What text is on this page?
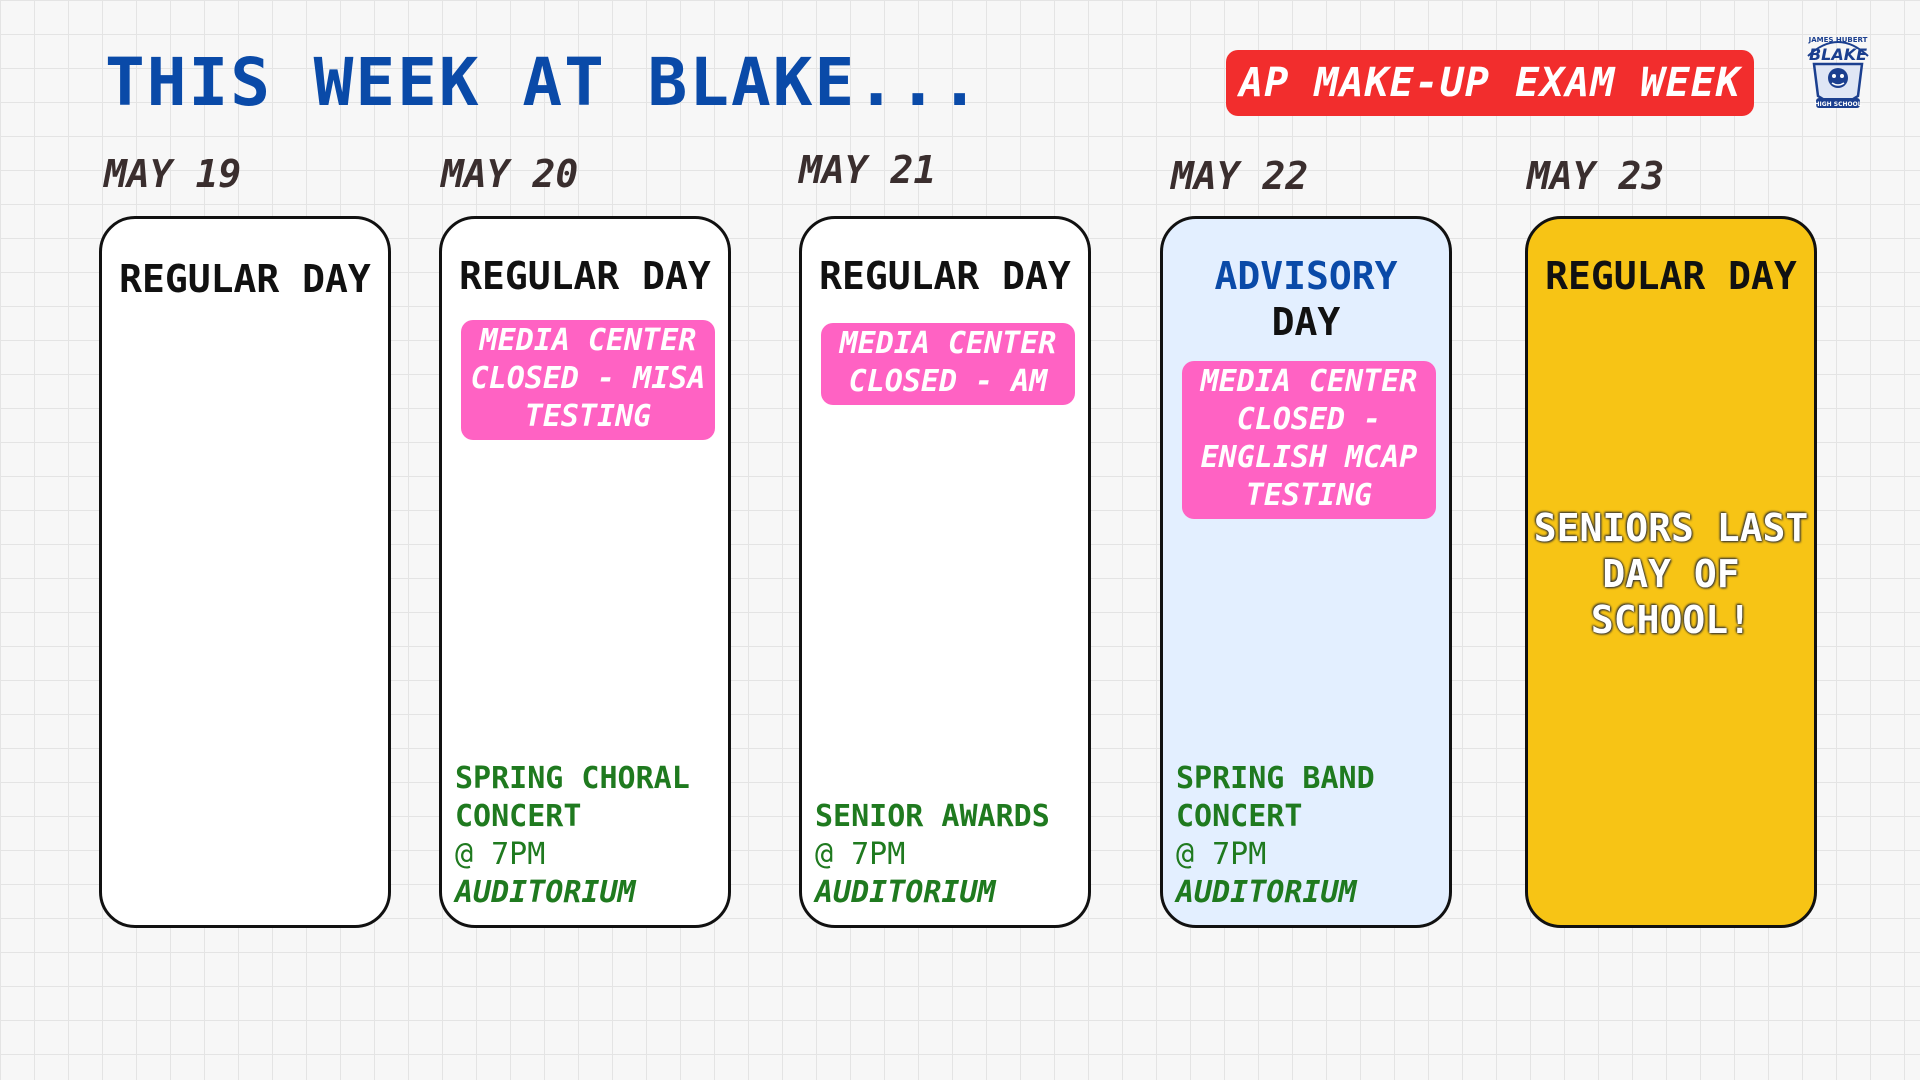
THIS WEEK AT BLAKE...	AP MAKE-UP EXAM WEEK
JAMES HUBERT
BLAKE
HIGH SCHOOL
MAY 19	MAY 20	MAY 21	MAY 22	MAY 23
REGULAR DAY	REGULAR DAY
MEDIA CENTER CLOSED - MISA TESTING
SPRING CHORAL CONCERT
@ 7PM
AUDITORIUM
REGULAR DAY
MEDIA CENTER CLOSED - AM
SENIOR AWARDS
@ 7PM
AUDITORIUM
ADVISORY
DAY
MEDIA CENTER CLOSED - ENGLISH MCAP TESTING
SPRING BAND CONCERT
@ 7PM
AUDITORIUM
REGULAR DAY
SENIORS LAST DAY OF SCHOOL!
